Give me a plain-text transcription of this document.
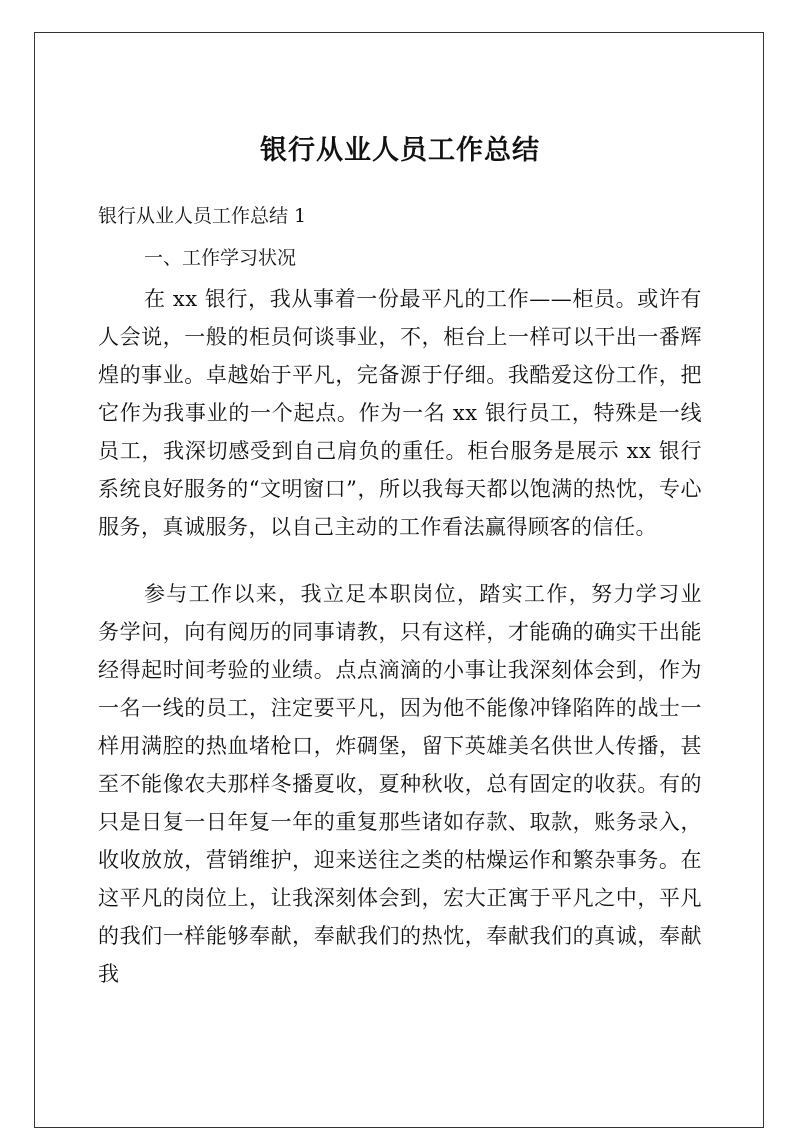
银行从业人员工作总结

银行从业人员工作总结 1

一、工作学习状况

在 xx 银行，我从事着一份最平凡的工作——柜员。或许有人会说，一般的柜员何谈事业，不，柜台上一样可以干出一番辉煌的事业。卓越始于平凡，完备源于仔细。我酷爱这份工作，把它作为我事业的一个起点。作为一名 xx 银行员工，特殊是一线员工，我深切感受到自己肩负的重任。柜台服务是展示 xx 银行系统良好服务的“文明窗口”，所以我每天都以饱满的热忱，专心服务，真诚服务，以自己主动的工作看法赢得顾客的信任。

参与工作以来，我立足本职岗位，踏实工作，努力学习业务学问，向有阅历的同事请教，只有这样，才能确的确实干出能经得起时间考验的业绩。点点滴滴的小事让我深刻体会到，作为一名一线的员工，注定要平凡，因为他不能像冲锋陷阵的战士一样用满腔的热血堵枪口，炸碉堡，留下英雄美名供世人传播，甚至不能像农夫那样冬播夏收，夏种秋收，总有固定的收获。有的只是日复一日年复一年的重复那些诸如存款、取款，账务录入，收收放放，营销维护，迎来送往之类的枯燥运作和繁杂事务。在这平凡的岗位上，让我深刻体会到，宏大正寓于平凡之中，平凡的我们一样能够奉献，奉献我们的热忱，奉献我们的真诚，奉献我
